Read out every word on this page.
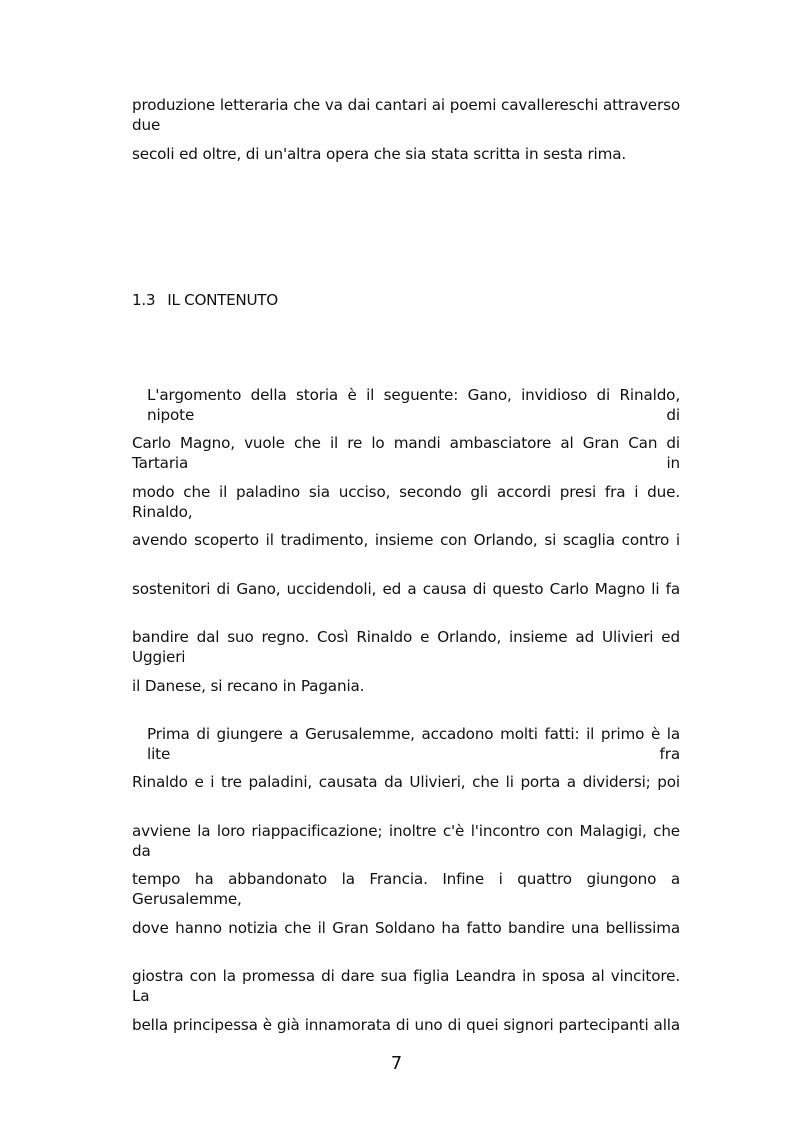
produzione letteraria che va dai cantari ai poemi cavallereschi attraverso due
secoli ed oltre, di un'altra opera che sia stata scritta in sesta rima.
1.3 IL CONTENUTO
L'argomento della storia è il seguente: Gano, invidioso di Rinaldo, nipote di
Carlo Magno, vuole che il re lo mandi ambasciatore al Gran Can di Tartaria in
modo che il paladino sia ucciso, secondo gli accordi presi fra i due. Rinaldo,
avendo scoperto il tradimento, insieme con Orlando, si scaglia contro i
sostenitori di Gano, uccidendoli, ed a causa di questo Carlo Magno li fa
bandire dal suo regno. Così Rinaldo e Orlando, insieme ad Ulivieri ed Uggieri
il Danese, si recano in Pagania.
Prima di giungere a Gerusalemme, accadono molti fatti: il primo è la lite fra
Rinaldo e i tre paladini, causata da Ulivieri, che li porta a dividersi; poi
avviene la loro riappacificazione; inoltre c'è l'incontro con Malagigi, che da
tempo ha abbandonato la Francia. Infine i quattro giungono a Gerusalemme,
dove hanno notizia che il Gran Soldano ha fatto bandire una bellissima
giostra con la promessa di dare sua figlia Leandra in sposa al vincitore. La
bella principessa è già innamorata di uno di quei signori partecipanti alla
7
